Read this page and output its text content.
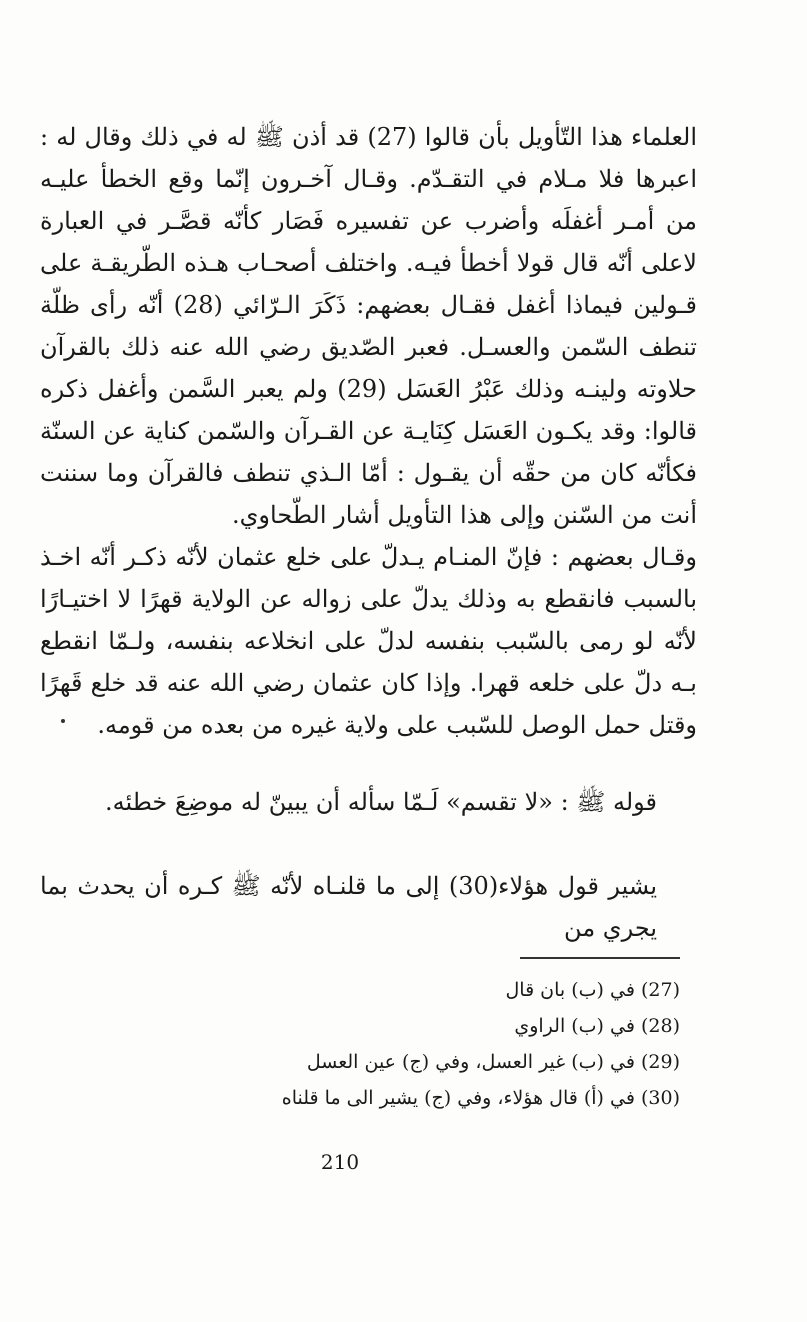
العلماء هذا التّأويل بأن قالوا (27) قد أذن ﷺ له في ذلك وقال له : اعبرها فلا مـلام في التقـدّم. وقـال آخـرون إنّما وقع الخطأ عليـه من أمـر أغفلَه وأضرب عن تفسيره فَصَار كأنّه قصَّـر في العبارة لاعلى أنّه قال قولا أخطأ فيـه. واختلف أصحـاب هـذه الطّريقـة على قـولين فيماذا أغفل فقـال بعضهم: ذَكَرَ الـرّائي (28) أنّه رأى ظلّة تنطف السّمن والعسـل. فعبر الصّديق رضي الله عنه ذلك بالقرآن حلاوته ولينـه وذلك عَبْرُ العَسَل (29) ولم يعبر السَّمن وأغفل ذكره قالوا: وقد يكـون العَسَل كِنَايـة عن القـرآن والسّمن كناية عن السنّة فكأنّه كان من حقّه أن يقـول : أمّا الـذي تنطف فالقرآن وما سننت أنت من السّنن وإلى هذا التأويل أشار الطّحاوي.

وقـال بعضهم : فإنّ المنـام يـدلّ على خلع عثمان لأنّه ذكـر أنّه اخـذ بالسبب فانقطع به وذلك يدلّ على زواله عن الولاية قهرًا لا اختيـارًا لأنّه لو رمى بالسّبب بنفسه لدلّ على انخلاعه بنفسه، ولـمّا انقطع بـه دلّ على خلعه قهرا. وإذا كان عثمان رضي الله عنه قد خلع قَهرًا وقتل حمل الوصل للسّبب على ولاية غيره من بعده من قومه.

قوله ﷺ : «لا تقسم» لَـمّا سأله أن يبينّ له موضِعَ خطئه.

يشير قول هؤلاء(30) إلى ما قلنـاه لأنّه ﷺ كـره أن يحدث بما يجري من

(27) في (ب) بان قال

(28) في (ب) الراوي

(29) في (ب) غير العسل، وفي (ج) عين العسل

(30) في (أ) قال هؤلاء، وفي (ج) يشير الى ما قلناه

210
